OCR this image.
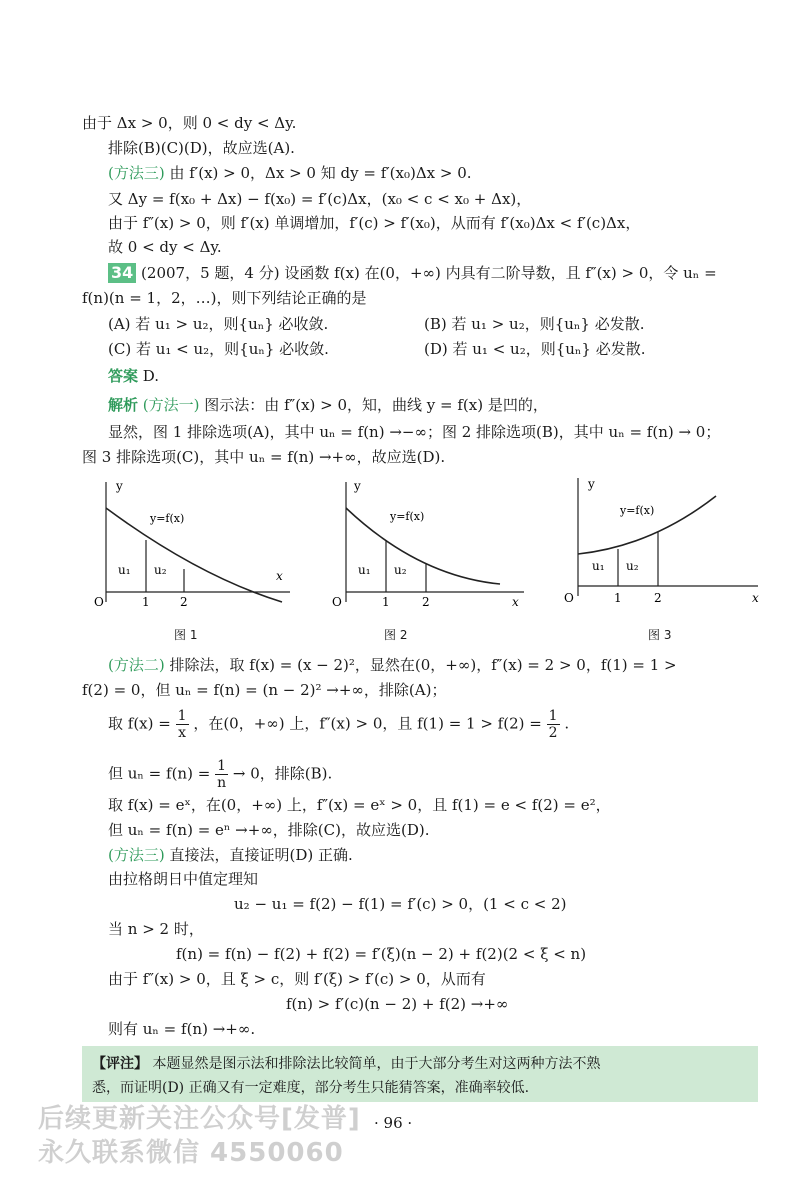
由于 Δx > 0，则 0 < dy < Δy.
排除(B)(C)(D)，故应选(A).
(方法三) 由 f′(x) > 0，Δx > 0 知 dy = f′(x₀)Δx > 0.
又 Δy = f(x₀ + Δx) − f(x₀) = f′(c)Δx，(x₀ < c < x₀ + Δx)，
由于 f″(x) > 0，则 f′(x) 单调增加，f′(c) > f′(x₀)，从而有 f′(x₀)Δx < f′(c)Δx，
故 0 < dy < Δy.
34 (2007，5 题，4 分) 设函数 f(x) 在(0，+∞) 内具有二阶导数，且 f″(x) > 0，令 uₙ =
f(n)(n = 1，2，…)，则下列结论正确的是
(A) 若 u₁ > u₂，则{uₙ} 必收敛.	(B) 若 u₁ > u₂，则{uₙ} 必发散.
(C) 若 u₁ < u₂，则{uₙ} 必收敛.	(D) 若 u₁ < u₂，则{uₙ} 必发散.
答案 D.
解析 (方法一) 图示法：由 f″(x) > 0，知，曲线 y = f(x) 是凹的，
显然，图 1 排除选项(A)，其中 uₙ = f(n) →−∞；图 2 排除选项(B)，其中 uₙ = f(n) → 0；
图 3 排除选项(C)，其中 uₙ = f(n) →+∞，故应选(D).
y
x
y=f(x)
O	1	2
u₁ u₂
图 1
y
x
y=f(x)
O	1	2
u₁ u₂
图 2
y
x
y=f(x)
O	1	2
u₁ u₂
图 3
(方法二) 排除法，取 f(x) = (x − 2)²，显然在(0，+∞)，f″(x) = 2 > 0，f(1) = 1 >
f(2) = 0，但 uₙ = f(n) = (n − 2)² →+∞，排除(A)；
取 $f(x) = \frac{1}{x}$ ，在(0，+∞) 上，f″(x) > 0，且 $f(1) = 1 > f(2) = \frac{1}{2}$ .
但 $u_n = f(n) = \frac{1}{n} \to 0$，排除(B).
取 f(x) = eˣ，在(0，+∞) 上，f″(x) = eˣ > 0，且 f(1) = e < f(2) = e²，
但 uₙ = f(n) = eⁿ →+∞，排除(C)，故应选(D).
(方法三) 直接法，直接证明(D) 正确.
由拉格朗日中值定理知
u₂ − u₁ = f(2) − f(1) = f′(c) > 0，(1 < c < 2)
当 n > 2 时，
f(n) = f(n) − f(2) + f(2) = f′(ξ)(n − 2) + f(2)(2 < ξ < n)
由于 f″(x) > 0，且 ξ > c，则 f′(ξ) > f′(c) > 0，从而有
f(n) > f′(c)(n − 2) + f(2) →+∞
则有 uₙ = f(n) →+∞.
【评注】 本题显然是图示法和排除法比较简单，由于大部分考生对这两种方法不熟
悉，而证明(D) 正确又有一定难度，部分考生只能猜答案，准确率较低.
· 96 ·
后续更新关注公众号[发普]
永久联系微信 4550060
